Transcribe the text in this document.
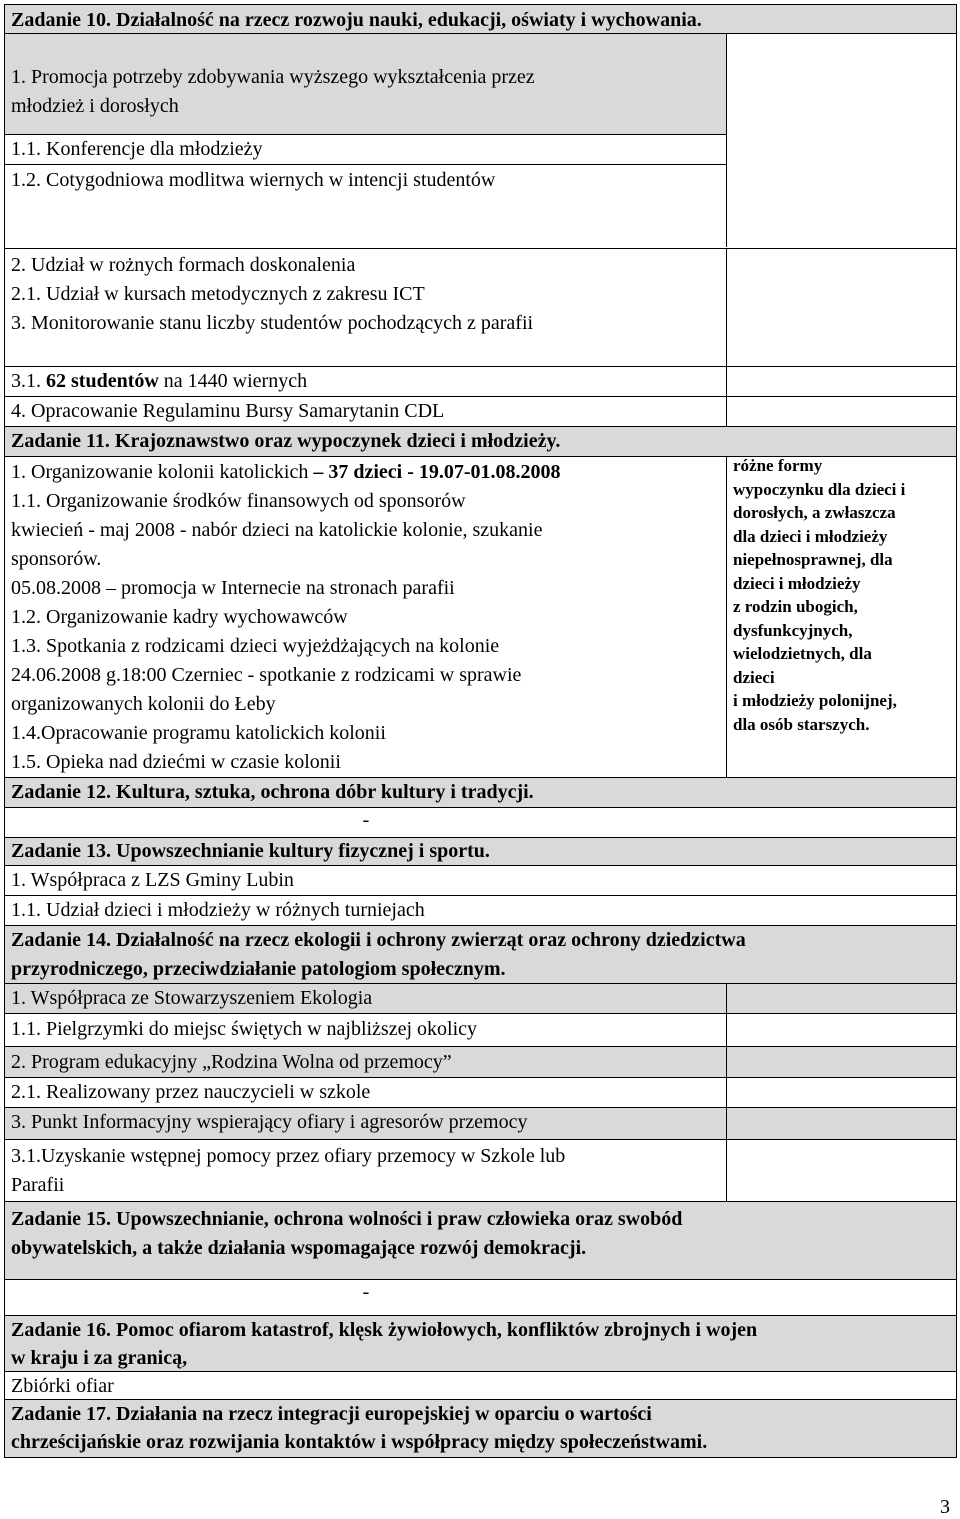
Zadanie 10. Działalność na rzecz rozwoju nauki, edukacji, oświaty i wychowania.
1. Promocja potrzeby zdobywania wyższego wykształcenia przez
młodzież i dorosłych
1.1. Konferencje dla młodzieży
1.2. Cotygodniowa modlitwa wiernych w intencji studentów
2. Udział w rożnych formach doskonalenia
2.1. Udział w kursach metodycznych z zakresu ICT
3. Monitorowanie stanu liczby studentów pochodzących z parafii
3.1. 62 studentów na 1440 wiernych
4. Opracowanie Regulaminu Bursy Samarytanin CDL
Zadanie 11. Krajoznawstwo oraz wypoczynek dzieci i młodzieży.
1. Organizowanie kolonii katolickich – 37 dzieci - 19.07-01.08.2008
1.1. Organizowanie środków finansowych od sponsorów
kwiecień - maj 2008 - nabór dzieci na katolickie kolonie, szukanie
sponsorów.
05.08.2008 – promocja w Internecie na stronach parafii
1.2. Organizowanie kadry wychowawców
1.3. Spotkania z rodzicami dzieci wyjeżdżających na kolonie
24.06.2008 g.18:00 Czerniec - spotkanie z rodzicami w sprawie
organizowanych kolonii do Łeby
1.4.Opracowanie programu katolickich kolonii
1.5. Opieka nad dziećmi w czasie kolonii
różne formy
wypoczynku dla dzieci i
dorosłych, a zwłaszcza
dla dzieci i młodzieży
niepełnosprawnej, dla
dzieci i młodzieży
z rodzin ubogich,
dysfunkcyjnych,
wielodzietnych, dla
dzieci
i młodzieży polonijnej,
dla osób starszych.
Zadanie 12. Kultura, sztuka, ochrona dóbr kultury i tradycji.
-
Zadanie 13. Upowszechnianie kultury fizycznej i sportu.
1. Współpraca z LZS Gminy Lubin
1.1. Udział dzieci i młodzieży w różnych turniejach
Zadanie 14. Działalność na rzecz ekologii i ochrony zwierząt oraz ochrony dziedzictwa
przyrodniczego, przeciwdziałanie patologiom społecznym.
1. Współpraca ze Stowarzyszeniem Ekologia
1.1. Pielgrzymki do miejsc świętych w najbliższej okolicy
2. Program edukacyjny „Rodzina Wolna od przemocy”
2.1. Realizowany przez nauczycieli w szkole
3. Punkt Informacyjny wspierający ofiary i agresorów przemocy
3.1.Uzyskanie wstępnej pomocy przez ofiary przemocy w Szkole lub
Parafii
Zadanie 15. Upowszechnianie, ochrona wolności i praw człowieka oraz swobód
obywatelskich, a także działania wspomagające rozwój demokracji.
-
Zadanie 16. Pomoc ofiarom katastrof, klęsk żywiołowych, konfliktów zbrojnych i wojen
w kraju i za granicą,
Zbiórki ofiar
Zadanie 17. Działania na rzecz integracji europejskiej w oparciu o wartości
chrześcijańskie oraz rozwijania kontaktów i współpracy między społeczeństwami.
3
